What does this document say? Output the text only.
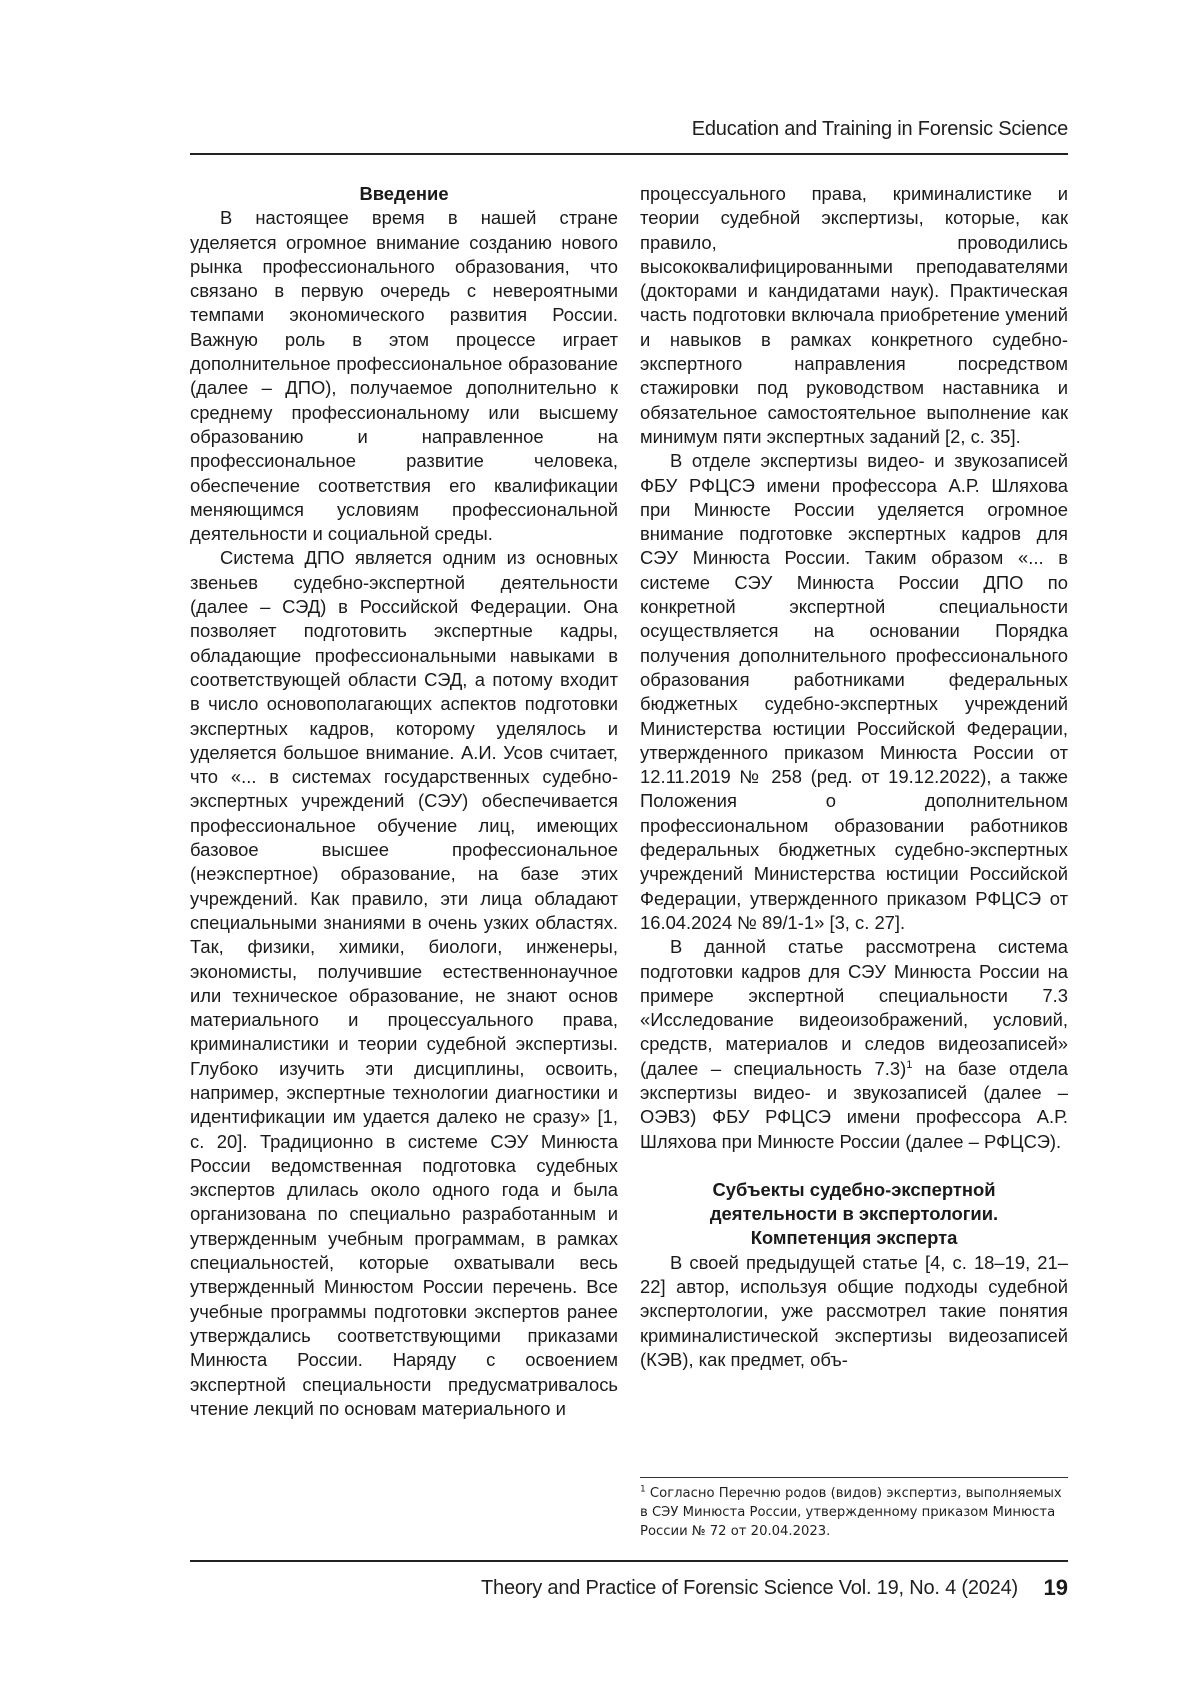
Education and Training in Forensic Science
Введение

В настоящее время в нашей стране уделяется огромное внимание созданию нового рынка профессионального образования, что связано в первую очередь с невероятными темпами экономического развития России. Важную роль в этом процессе играет дополнительное профессиональное образование (далее – ДПО), получаемое дополнительно к среднему профессиональному или высшему образованию и направленное на профессиональное развитие человека, обеспечение соответствия его квалификации меняющимся условиям профессиональной деятельности и социальной среды.

Система ДПО является одним из основных звеньев судебно-экспертной деятельности (далее – СЭД) в Российской Федерации. Она позволяет подготовить экспертные кадры, обладающие профессиональными навыками в соответствующей области СЭД, а потому входит в число основополагающих аспектов подготовки экспертных кадров, которому уделялось и уделяется большое внимание. А.И. Усов считает, что «... в системах государственных судебно-экспертных учреждений (СЭУ) обеспечивается профессиональное обучение лиц, имеющих базовое высшее профессиональное (неэкспертное) образование, на базе этих учреждений. Как правило, эти лица обладают специальными знаниями в очень узких областях. Так, физики, химики, биологи, инженеры, экономисты, получившие естественнонаучное или техническое образование, не знают основ материального и процессуального права, криминалистики и теории судебной экспертизы. Глубоко изучить эти дисциплины, освоить, например, экспертные технологии диагностики и идентификации им удается далеко не сразу» [1, с. 20]. Традиционно в системе СЭУ Минюста России ведомственная подготовка судебных экспертов длилась около одного года и была организована по специально разработанным и утвержденным учебным программам, в рамках специальностей, которые охватывали весь утвержденный Минюстом России перечень. Все учебные программы подготовки экспертов ранее утверждались соответствующими приказами Минюста России. Наряду с освоением экспертной специальности предусматривалось чтение лекций по основам материального и

процессуального права, криминалистике и теории судебной экспертизы, которые, как правило, проводились высококвалифицированными преподавателями (докторами и кандидатами наук). Практическая часть подготовки включала приобретение умений и навыков в рамках конкретного судебно-экспертного направления посредством стажировки под руководством наставника и обязательное самостоятельное выполнение как минимум пяти экспертных заданий [2, с. 35].

В отделе экспертизы видео- и звукозаписей ФБУ РФЦСЭ имени профессора А.Р. Шляхова при Минюсте России уделяется огромное внимание подготовке экспертных кадров для СЭУ Минюста России. Таким образом «... в системе СЭУ Минюста России ДПО по конкретной экспертной специальности осуществляется на основании Порядка получения дополнительного профессионального образования работниками федеральных бюджетных судебно-экспертных учреждений Министерства юстиции Российской Федерации, утвержденного приказом Минюста России от 12.11.2019 № 258 (ред. от 19.12.2022), а также Положения о дополнительном профессиональном образовании работников федеральных бюджетных судебно-экспертных учреждений Министерства юстиции Российской Федерации, утвержденного приказом РФЦСЭ от 16.04.2024 № 89/1-1» [3, с. 27].

В данной статье рассмотрена система подготовки кадров для СЭУ Минюста России на примере экспертной специальности 7.3 «Исследование видеоизображений, условий, средств, материалов и следов видеозаписей» (далее – специальность 7.3)$^1$ на базе отдела экспертизы видео- и звукозаписей (далее – ОЭВЗ) ФБУ РФЦСЭ имени профессора А.Р. Шляхова при Минюсте России (далее – РФЦСЭ).

Субъекты судебно-экспертной
деятельности в экспертологии.
Компетенция эксперта

В своей предыдущей статье [4, с. 18–19, 21–22] автор, используя общие подходы судебной экспертологии, уже рассмотрел такие понятия криминалистической экспертизы видеозаписей (КЭВ), как предмет, объ-

$^1$ Согласно Перечню родов (видов) экспертиз, выполняемых в СЭУ Минюста России, утвержденному приказом Минюста России № 72 от 20.04.2023.
Theory and Practice of Forensic Science Vol. 19, No. 4 (2024)	19
